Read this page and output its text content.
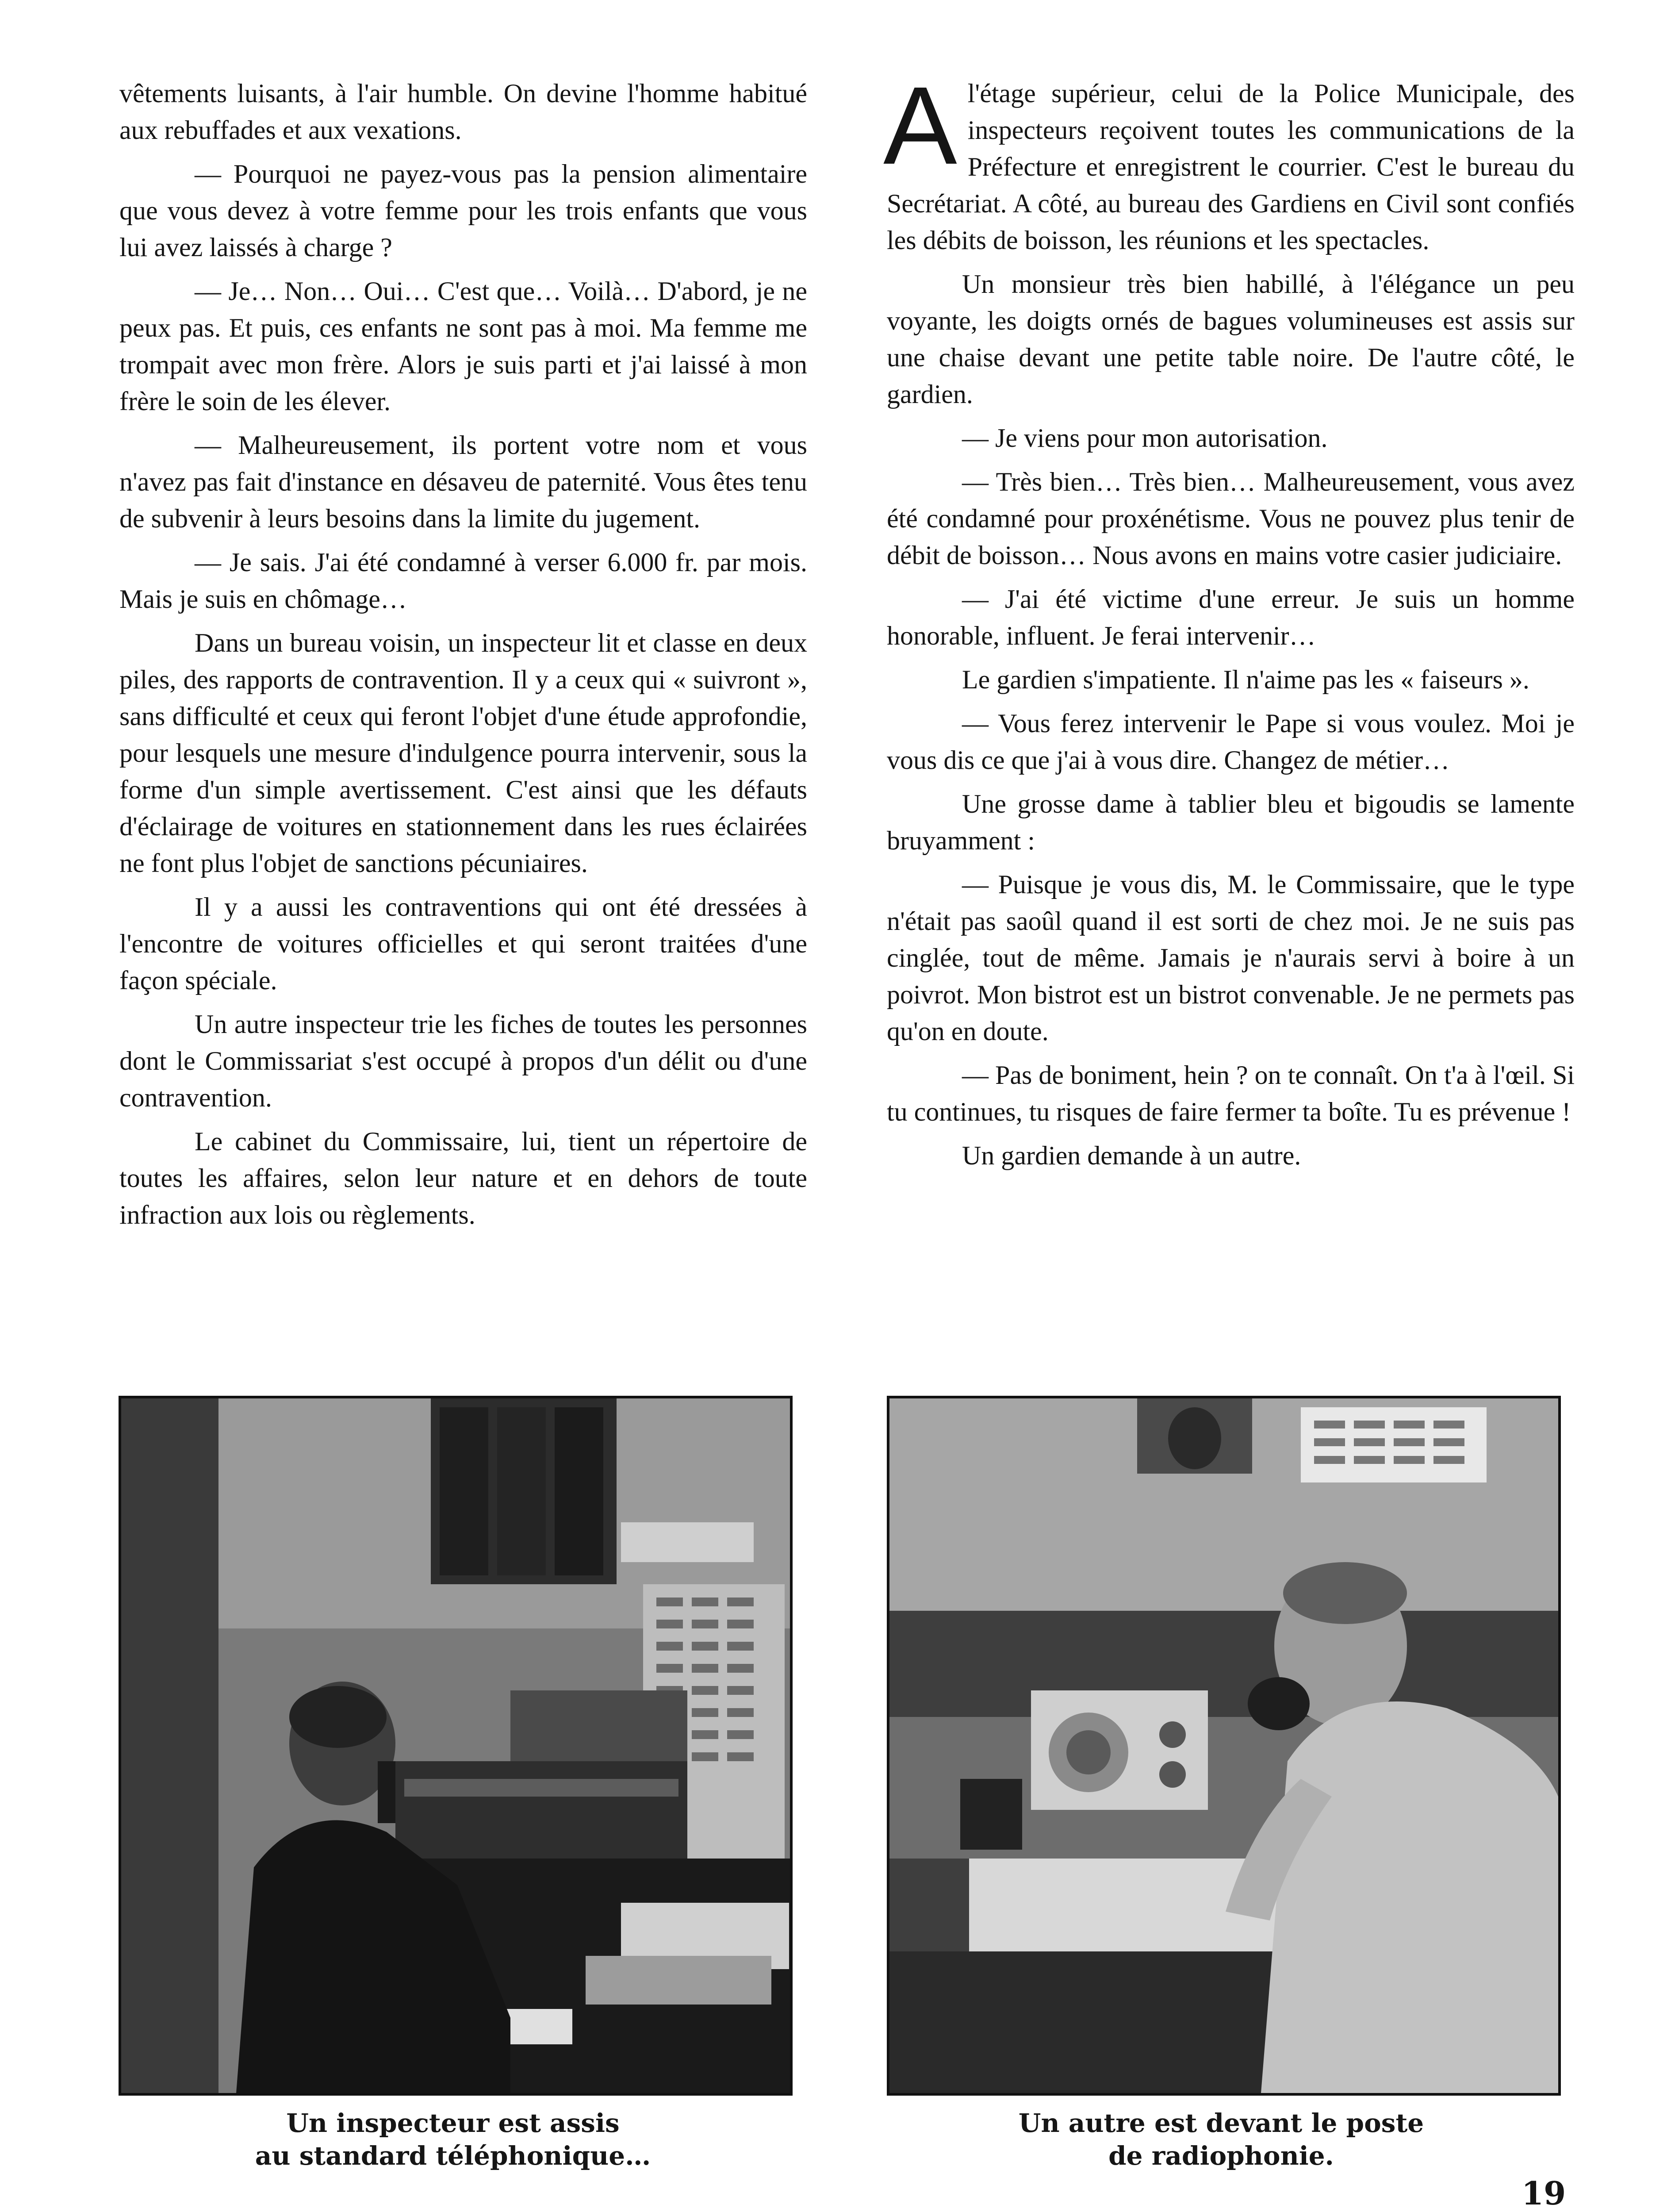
vêtements luisants, à l'air humble. On devine l'homme habitué aux rebuffades et aux vexations.

— Pourquoi ne payez-vous pas la pension alimentaire que vous devez à votre femme pour les trois enfants que vous lui avez laissés à charge ?

— Je… Non… Oui… C'est que… Voilà… D'abord, je ne peux pas. Et puis, ces enfants ne sont pas à moi. Ma femme me trompait avec mon frère. Alors je suis parti et j'ai laissé à mon frère le soin de les élever.

— Malheureusement, ils portent votre nom et vous n'avez pas fait d'instance en désaveu de paternité. Vous êtes tenu de subvenir à leurs besoins dans la limite du jugement.

— Je sais. J'ai été condamné à verser 6.000 fr. par mois. Mais je suis en chômage…

Dans un bureau voisin, un inspecteur lit et classe en deux piles, des rapports de contravention. Il y a ceux qui « suivront », sans difficulté et ceux qui feront l'objet d'une étude approfondie, pour lesquels une mesure d'indulgence pourra intervenir, sous la forme d'un simple avertissement. C'est ainsi que les défauts d'éclairage de voitures en stationnement dans les rues éclairées ne font plus l'objet de sanctions pécuniaires.

Il y a aussi les contraventions qui ont été dressées à l'encontre de voitures officielles et qui seront traitées d'une façon spéciale.

Un autre inspecteur trie les fiches de toutes les personnes dont le Commissariat s'est occupé à propos d'un délit ou d'une contravention.

Le cabinet du Commissaire, lui, tient un répertoire de toutes les affaires, selon leur nature et en dehors de toute infraction aux lois ou règlements.

Al'étage supérieur, celui de la Police Municipale, des inspecteurs reçoivent toutes les communications de la Préfecture et enregistrent le courrier. C'est le bureau du Secrétariat. A côté, au bureau des Gardiens en Civil sont confiés les débits de boisson, les réunions et les spectacles.

Un monsieur très bien habillé, à l'élégance un peu voyante, les doigts ornés de bagues volumineuses est assis sur une chaise devant une petite table noire. De l'autre côté, le gardien.

— Je viens pour mon autorisation.

— Très bien… Très bien… Malheureusement, vous avez été condamné pour proxénétisme. Vous ne pouvez plus tenir de débit de boisson… Nous avons en mains votre casier judiciaire.

— J'ai été victime d'une erreur. Je suis un homme honorable, influent. Je ferai intervenir…

Le gardien s'impatiente. Il n'aime pas les « faiseurs ».

— Vous ferez intervenir le Pape si vous voulez. Moi je vous dis ce que j'ai à vous dire. Changez de métier…

Une grosse dame à tablier bleu et bigoudis se lamente bruyamment :

— Puisque je vous dis, M. le Commissaire, que le type n'était pas saoûl quand il est sorti de chez moi. Je ne suis pas cinglée, tout de même. Jamais je n'aurais servi à boire à un poivrot. Mon bistrot est un bistrot convenable. Je ne permets pas qu'on en doute.

— Pas de boniment, hein ? on te connaît. On t'a à l'œil. Si tu continues, tu risques de faire fermer ta boîte. Tu es prévenue !

Un gardien demande à un autre.

Un inspecteur est assis
au standard téléphonique…
Un autre est devant le poste
de radiophonie.
19
